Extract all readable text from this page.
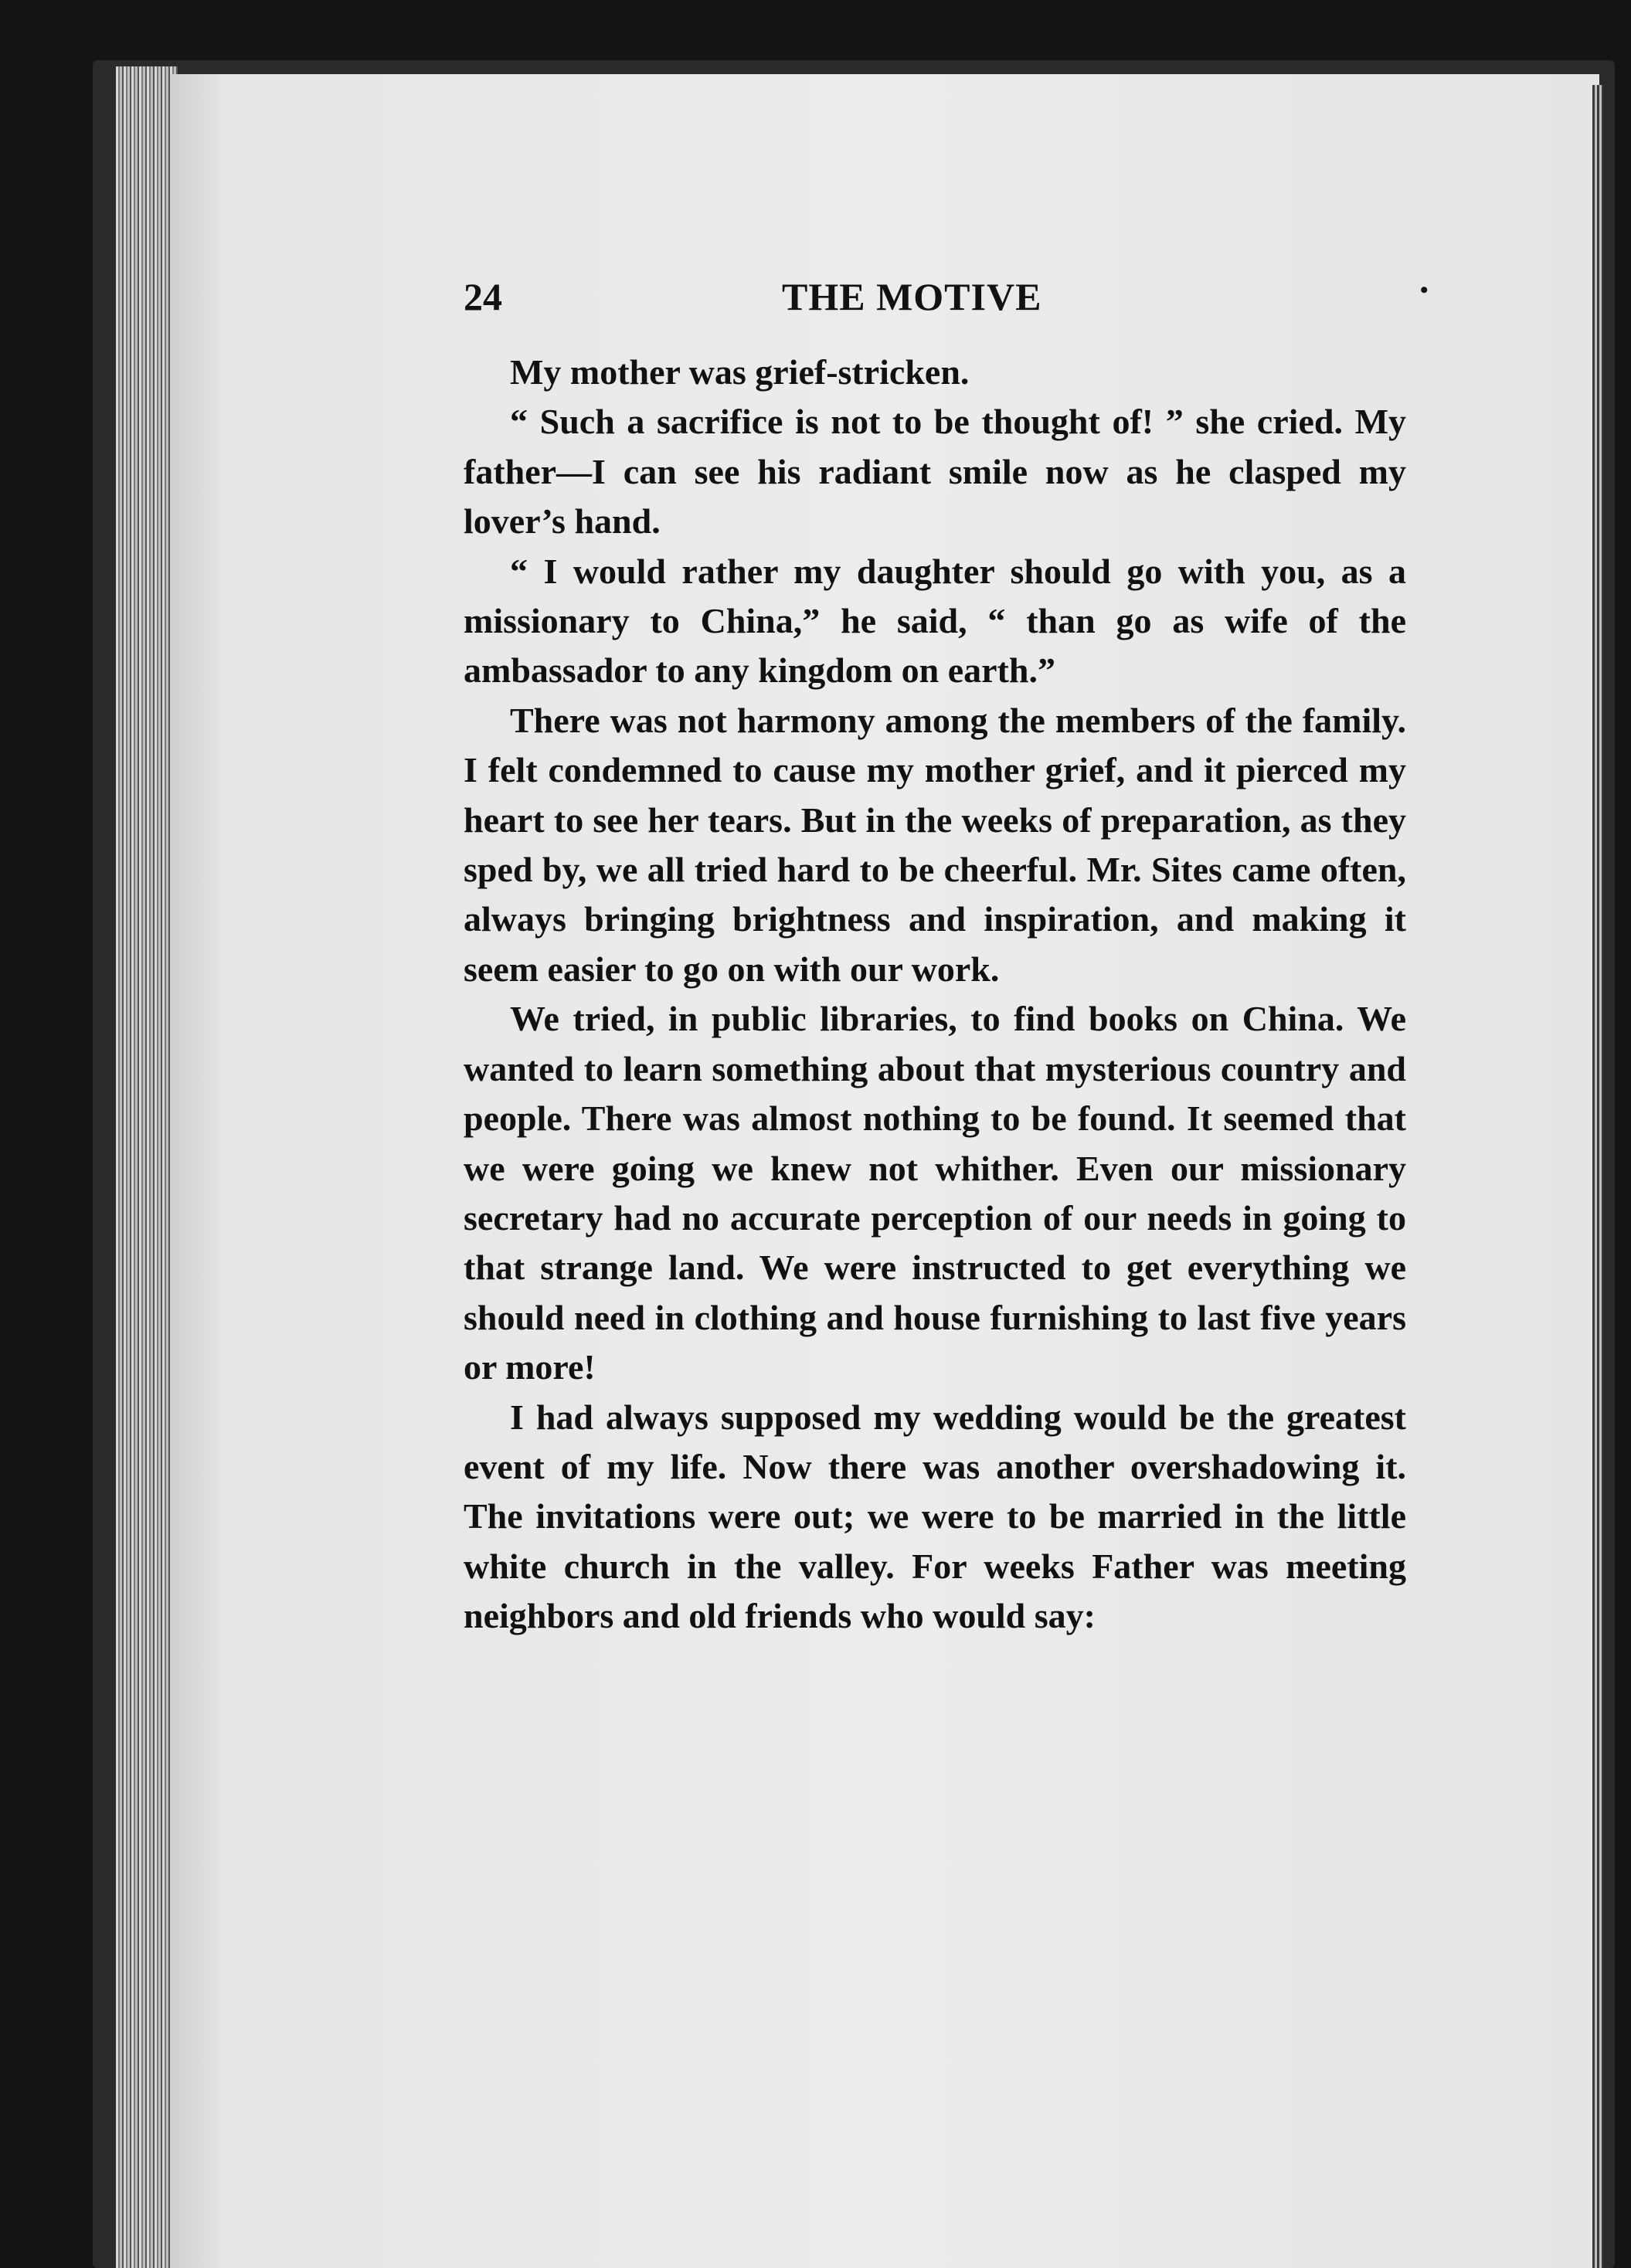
24	THE MOTIVE	•

My mother was grief-stricken.

“ Such a sacrifice is not to be thought of! ” she cried. My father—I can see his radiant smile now as he clasped my lover’s hand.

“ I would rather my daughter should go with you, as a missionary to China,” he said, “ than go as wife of the ambassador to any kingdom on earth.”

There was not harmony among the members of the family. I felt condemned to cause my mother grief, and it pierced my heart to see her tears. But in the weeks of preparation, as they sped by, we all tried hard to be cheerful. Mr. Sites came often, always bringing brightness and inspiration, and making it seem easier to go on with our work.

We tried, in public libraries, to find books on China. We wanted to learn something about that mysterious country and people. There was almost nothing to be found. It seemed that we were going we knew not whither. Even our missionary secretary had no accurate perception of our needs in going to that strange land. We were instructed to get everything we should need in clothing and house furnishing to last five years or more!

I had always supposed my wedding would be the greatest event of my life. Now there was another overshadowing it. The invitations were out; we were to be married in the little white church in the valley. For weeks Father was meeting neighbors and old friends who would say:
